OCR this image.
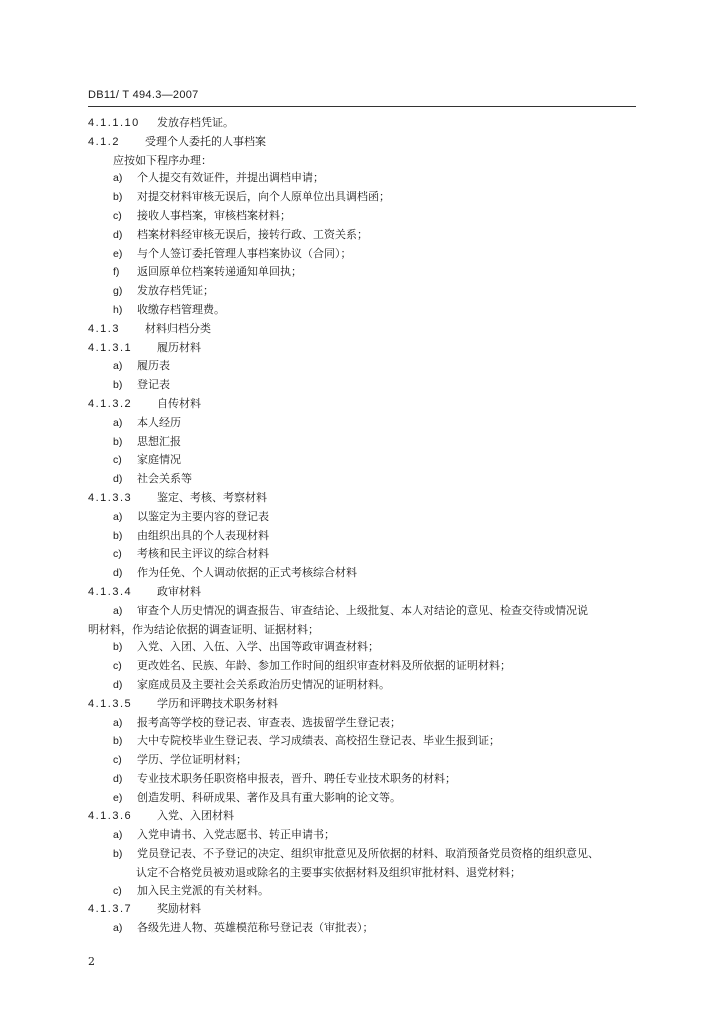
DB11/ T 494.3—2007
4.1.1.10 发放存档凭证。
4.1.2 受理个人委托的人事档案
应按如下程序办理：
a) 个人提交有效证件，并提出调档申请；
b) 对提交材料审核无误后，向个人原单位出具调档函；
c) 接收人事档案，审核档案材料；
d) 档案材料经审核无误后，接转行政、工资关系；
e) 与个人签订委托管理人事档案协议（合同）；
f) 返回原单位档案转递通知单回执；
g) 发放存档凭证；
h) 收缴存档管理费。
4.1.3 材料归档分类
4.1.3.1 履历材料
a) 履历表
b) 登记表
4.1.3.2 自传材料
a) 本人经历
b) 思想汇报
c) 家庭情况
d) 社会关系等
4.1.3.3 鉴定、考核、考察材料
a) 以鉴定为主要内容的登记表
b) 由组织出具的个人表现材料
c) 考核和民主评议的综合材料
d) 作为任免、个人调动依据的正式考核综合材料
4.1.3.4 政审材料
a) 审查个人历史情况的调查报告、审查结论、上级批复、本人对结论的意见、检查交待或情况说
明材料，作为结论依据的调查证明、证据材料；
b) 入党、入团、入伍、入学、出国等政审调查材料；
c) 更改姓名、民族、年龄、参加工作时间的组织审查材料及所依据的证明材料；
d) 家庭成员及主要社会关系政治历史情况的证明材料。
4.1.3.5 学历和评聘技术职务材料
a) 报考高等学校的登记表、审查表、选拔留学生登记表；
b) 大中专院校毕业生登记表、学习成绩表、高校招生登记表、毕业生报到证；
c) 学历、学位证明材料；
d) 专业技术职务任职资格申报表，晋升、聘任专业技术职务的材料；
e) 创造发明、科研成果、著作及具有重大影响的论文等。
4.1.3.6 入党、入团材料
a) 入党申请书、入党志愿书、转正申请书；
b) 党员登记表、不予登记的决定、组织审批意见及所依据的材料、取消预备党员资格的组织意见、
认定不合格党员被劝退或除名的主要事实依据材料及组织审批材料、退党材料；
c) 加入民主党派的有关材料。
4.1.3.7 奖励材料
a) 各级先进人物、英雄模范称号登记表（审批表）；
2
